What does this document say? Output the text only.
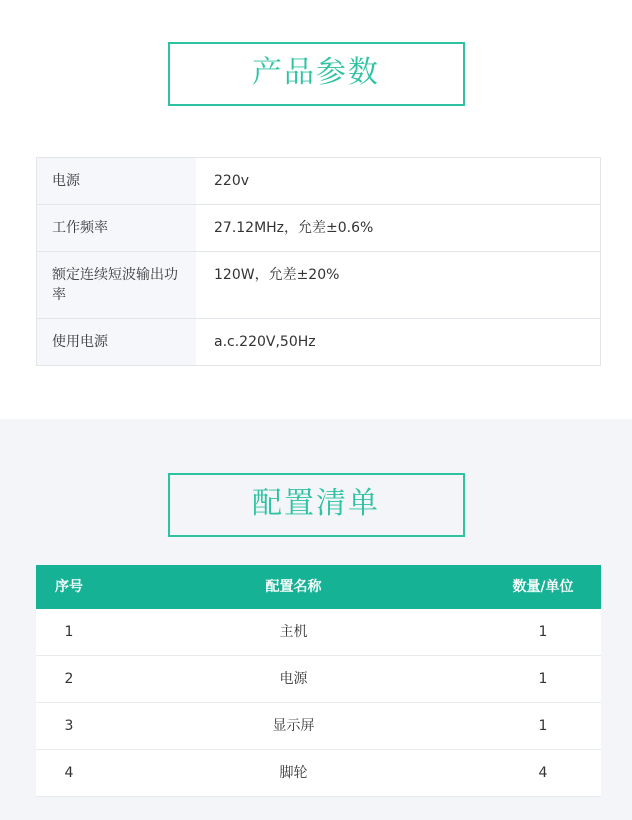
产品参数
电源	220v
工作频率	27.12MHz，允差±0.6%
额定连续短波输出功率	120W，允差±20%
使用电源	a.c.220V,50Hz
配置清单
序号	配置名称	数量/单位
1	主机	1
2	电源	1
3	显示屏	1
4	脚轮	4
